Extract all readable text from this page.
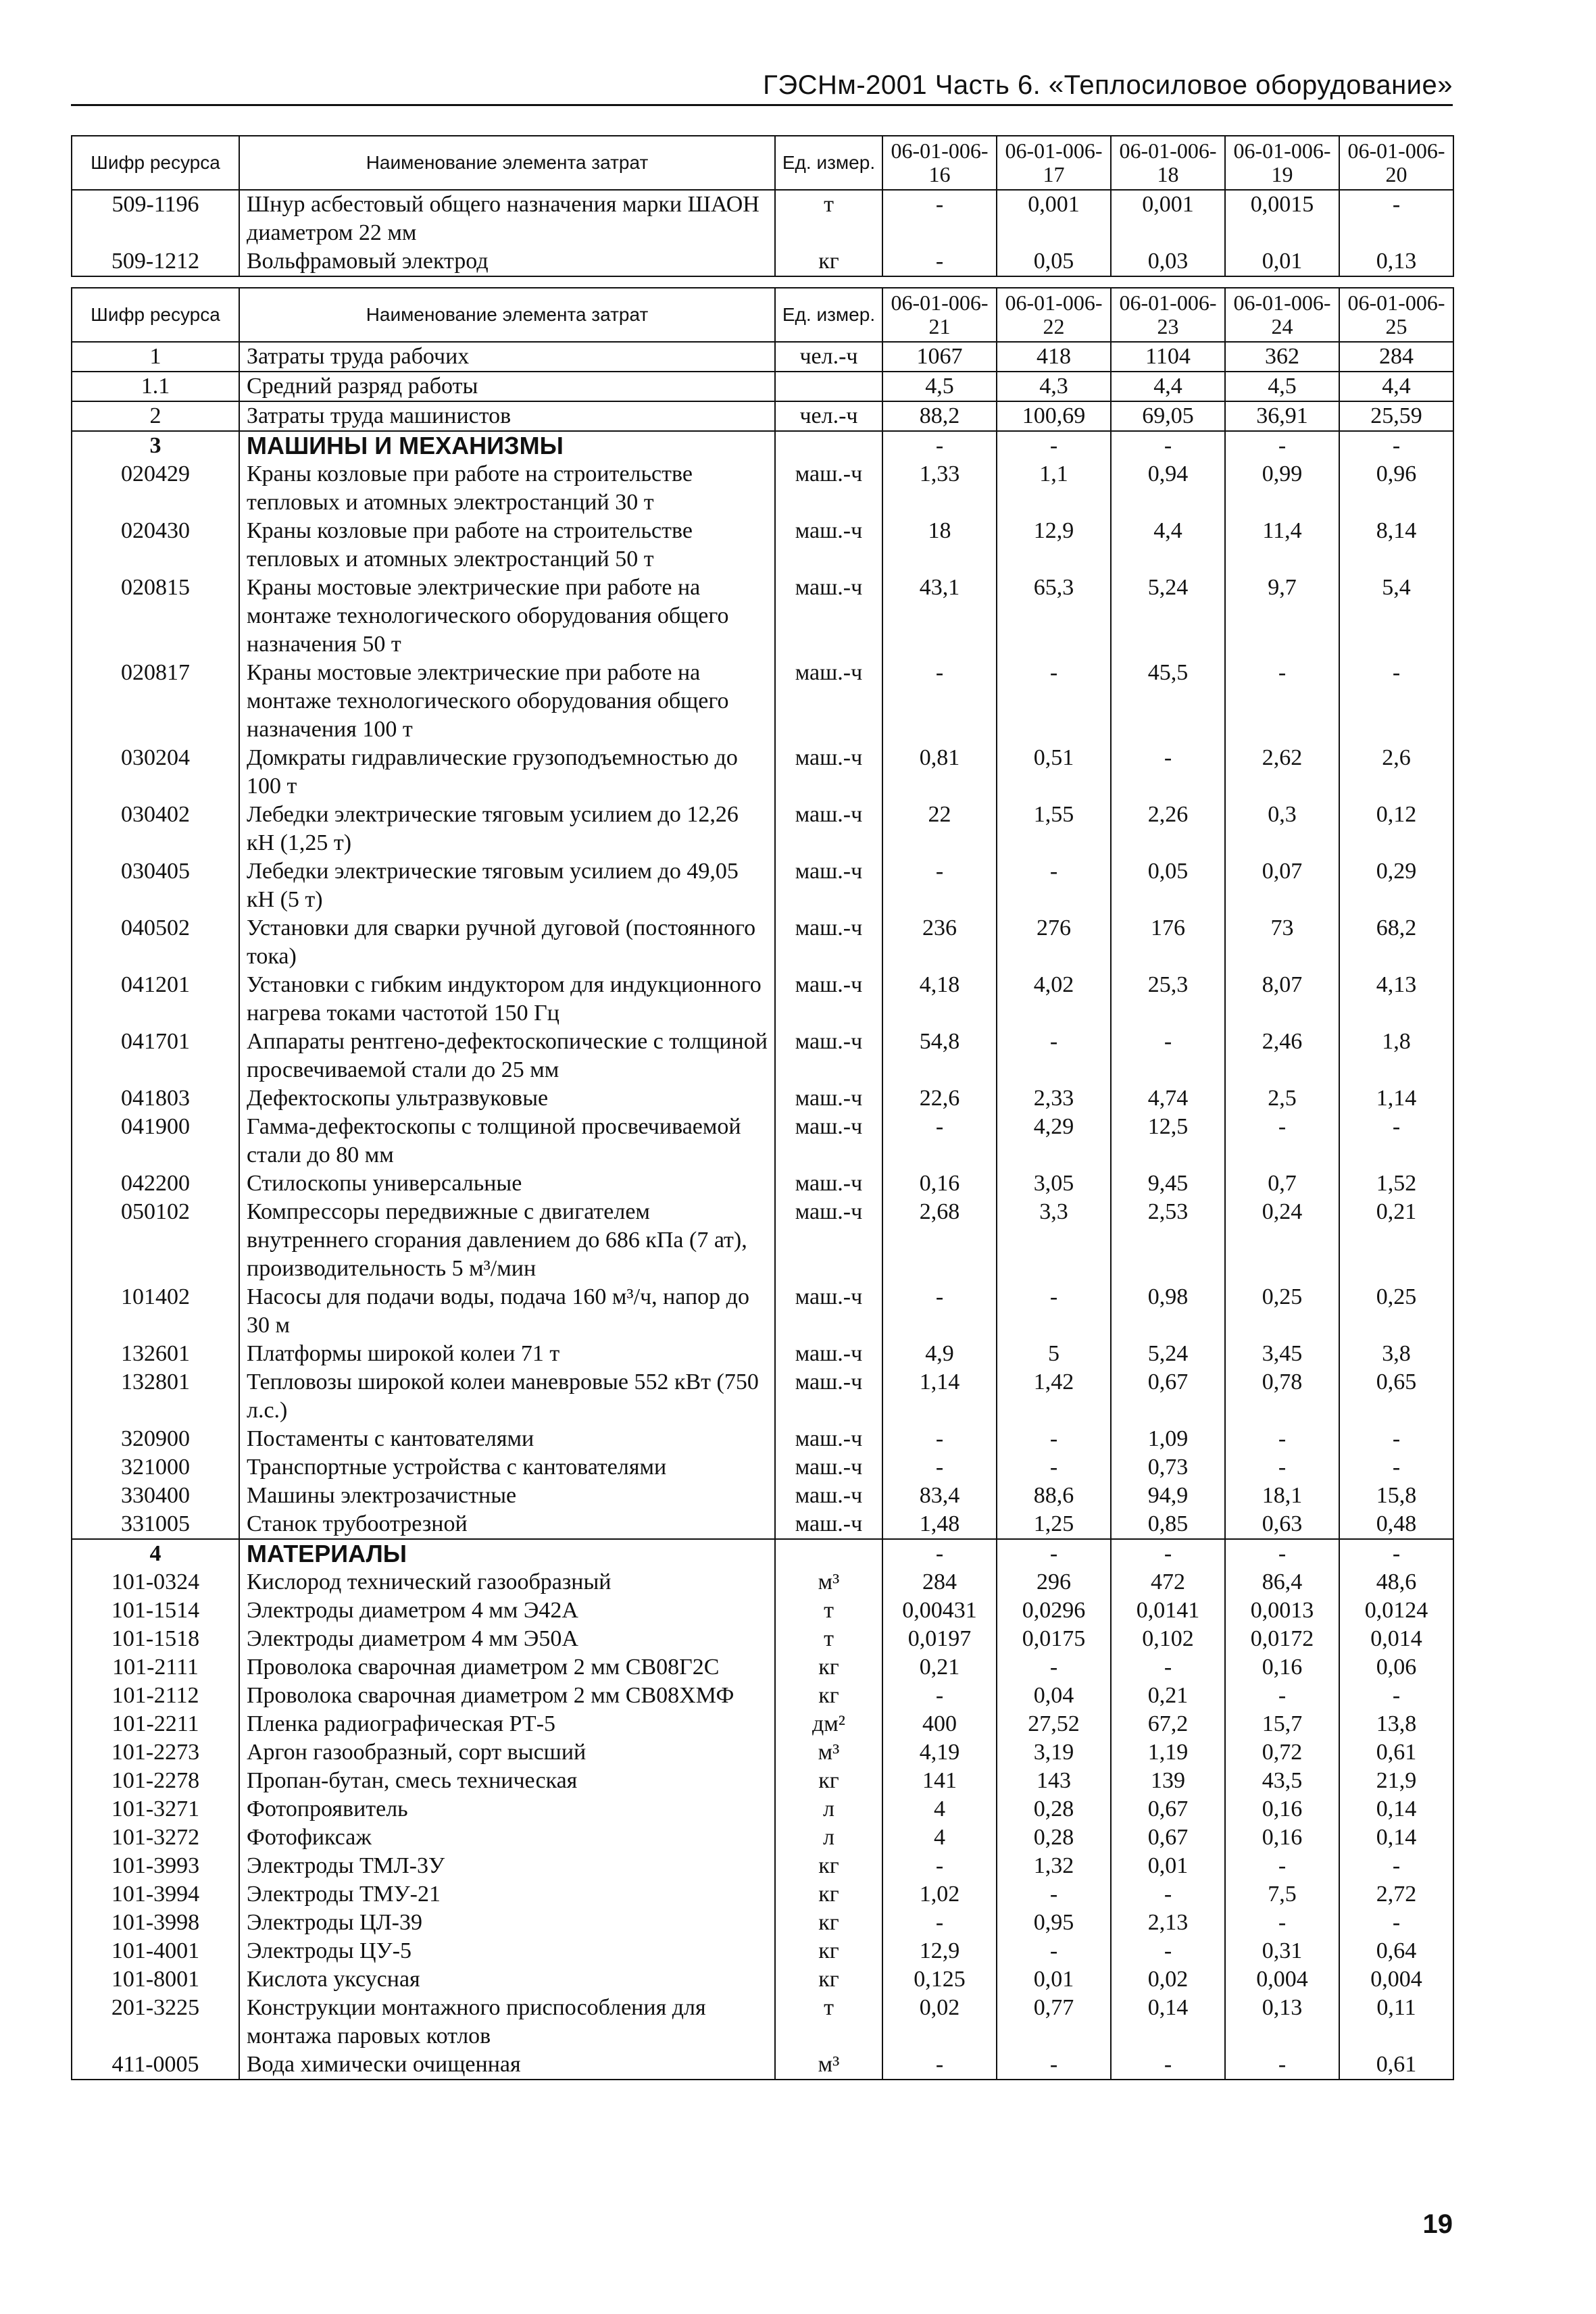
ГЭСНм-2001 Часть 6. «Теплосиловое оборудование»
Шифр ресурса	Наименование элемента затрат	Ед. измер.	06-01-006-16	06-01-006-17	06-01-006-18	06-01-006-19	06-01-006-20
509-1196	Шнур асбестовый общего назначения марки ШАОН диаметром 22 мм	т	-	0,001	0,001	0,0015	-
509-1212	Вольфрамовый электрод	кг	-	0,05	0,03	0,01	0,13
Шифр ресурса	Наименование элемента затрат	Ед. измер.	06-01-006-21	06-01-006-22	06-01-006-23	06-01-006-24	06-01-006-25
1	Затраты труда рабочих	чел.-ч	1067	418	1104	362	284
1.1	Средний разряд работы		4,5	4,3	4,4	4,5	4,4
2	Затраты труда машинистов	чел.-ч	88,2	100,69	69,05	36,91	25,59
3	МАШИНЫ И МЕХАНИЗМЫ		-	-	-	-	-
020429	Краны козловые при работе на строительстве тепловых и атомных электростанций 30 т	маш.-ч	1,33	1,1	0,94	0,99	0,96
020430	Краны козловые при работе на строительстве тепловых и атомных электростанций 50 т	маш.-ч	18	12,9	4,4	11,4	8,14
020815	Краны мостовые электрические при работе на монтаже технологического оборудования общего назначения 50 т	маш.-ч	43,1	65,3	5,24	9,7	5,4
020817	Краны мостовые электрические при работе на монтаже технологического оборудования общего назначения 100 т	маш.-ч	-	-	45,5	-	-
030204	Домкраты гидравлические грузоподъемностью до 100 т	маш.-ч	0,81	0,51	-	2,62	2,6
030402	Лебедки электрические тяговым усилием до 12,26 кН (1,25 т)	маш.-ч	22	1,55	2,26	0,3	0,12
030405	Лебедки электрические тяговым усилием до 49,05 кН (5 т)	маш.-ч	-	-	0,05	0,07	0,29
040502	Установки для сварки ручной дуговой (постоянного тока)	маш.-ч	236	276	176	73	68,2
041201	Установки с гибким индуктором для индукционного нагрева токами частотой 150 Гц	маш.-ч	4,18	4,02	25,3	8,07	4,13
041701	Аппараты рентгено-дефектоскопические с толщиной просвечиваемой стали до 25 мм	маш.-ч	54,8	-	-	2,46	1,8
041803	Дефектоскопы ультразвуковые	маш.-ч	22,6	2,33	4,74	2,5	1,14
041900	Гамма-дефектоскопы с толщиной просвечиваемой стали до 80 мм	маш.-ч	-	4,29	12,5	-	-
042200	Стилоскопы универсальные	маш.-ч	0,16	3,05	9,45	0,7	1,52
050102	Компрессоры передвижные с двигателем внутреннего сгорания давлением до 686 кПа (7 ат), производительность 5 м³/мин	маш.-ч	2,68	3,3	2,53	0,24	0,21
101402	Насосы для подачи воды, подача 160 м³/ч, напор до 30 м	маш.-ч	-	-	0,98	0,25	0,25
132601	Платформы широкой колеи 71 т	маш.-ч	4,9	5	5,24	3,45	3,8
132801	Тепловозы широкой колеи маневровые 552 кВт (750 л.с.)	маш.-ч	1,14	1,42	0,67	0,78	0,65
320900	Постаменты с кантователями	маш.-ч	-	-	1,09	-	-
321000	Транспортные устройства с кантователями	маш.-ч	-	-	0,73	-	-
330400	Машины электрозачистные	маш.-ч	83,4	88,6	94,9	18,1	15,8
331005	Станок трубоотрезной	маш.-ч	1,48	1,25	0,85	0,63	0,48
4	МАТЕРИАЛЫ		-	-	-	-	-
101-0324	Кислород технический газообразный	м³	284	296	472	86,4	48,6
101-1514	Электроды диаметром 4 мм Э42А	т	0,00431	0,0296	0,0141	0,0013	0,0124
101-1518	Электроды диаметром 4 мм Э50А	т	0,0197	0,0175	0,102	0,0172	0,014
101-2111	Проволока сварочная диаметром 2 мм СВ08Г2С	кг	0,21	-	-	0,16	0,06
101-2112	Проволока сварочная диаметром 2 мм СВ08ХМФ	кг	-	0,04	0,21	-	-
101-2211	Пленка радиографическая РТ-5	дм²	400	27,52	67,2	15,7	13,8
101-2273	Аргон газообразный, сорт высший	м³	4,19	3,19	1,19	0,72	0,61
101-2278	Пропан-бутан, смесь техническая	кг	141	143	139	43,5	21,9
101-3271	Фотопроявитель	л	4	0,28	0,67	0,16	0,14
101-3272	Фотофиксаж	л	4	0,28	0,67	0,16	0,14
101-3993	Электроды ТМЛ-3У	кг	-	1,32	0,01	-	-
101-3994	Электроды ТМУ-21	кг	1,02	-	-	7,5	2,72
101-3998	Электроды ЦЛ-39	кг	-	0,95	2,13	-	-
101-4001	Электроды ЦУ-5	кг	12,9	-	-	0,31	0,64
101-8001	Кислота уксусная	кг	0,125	0,01	0,02	0,004	0,004
201-3225	Конструкции монтажного приспособления для монтажа паровых котлов	т	0,02	0,77	0,14	0,13	0,11
411-0005	Вода химически очищенная	м³	-	-	-	-	0,61
19
